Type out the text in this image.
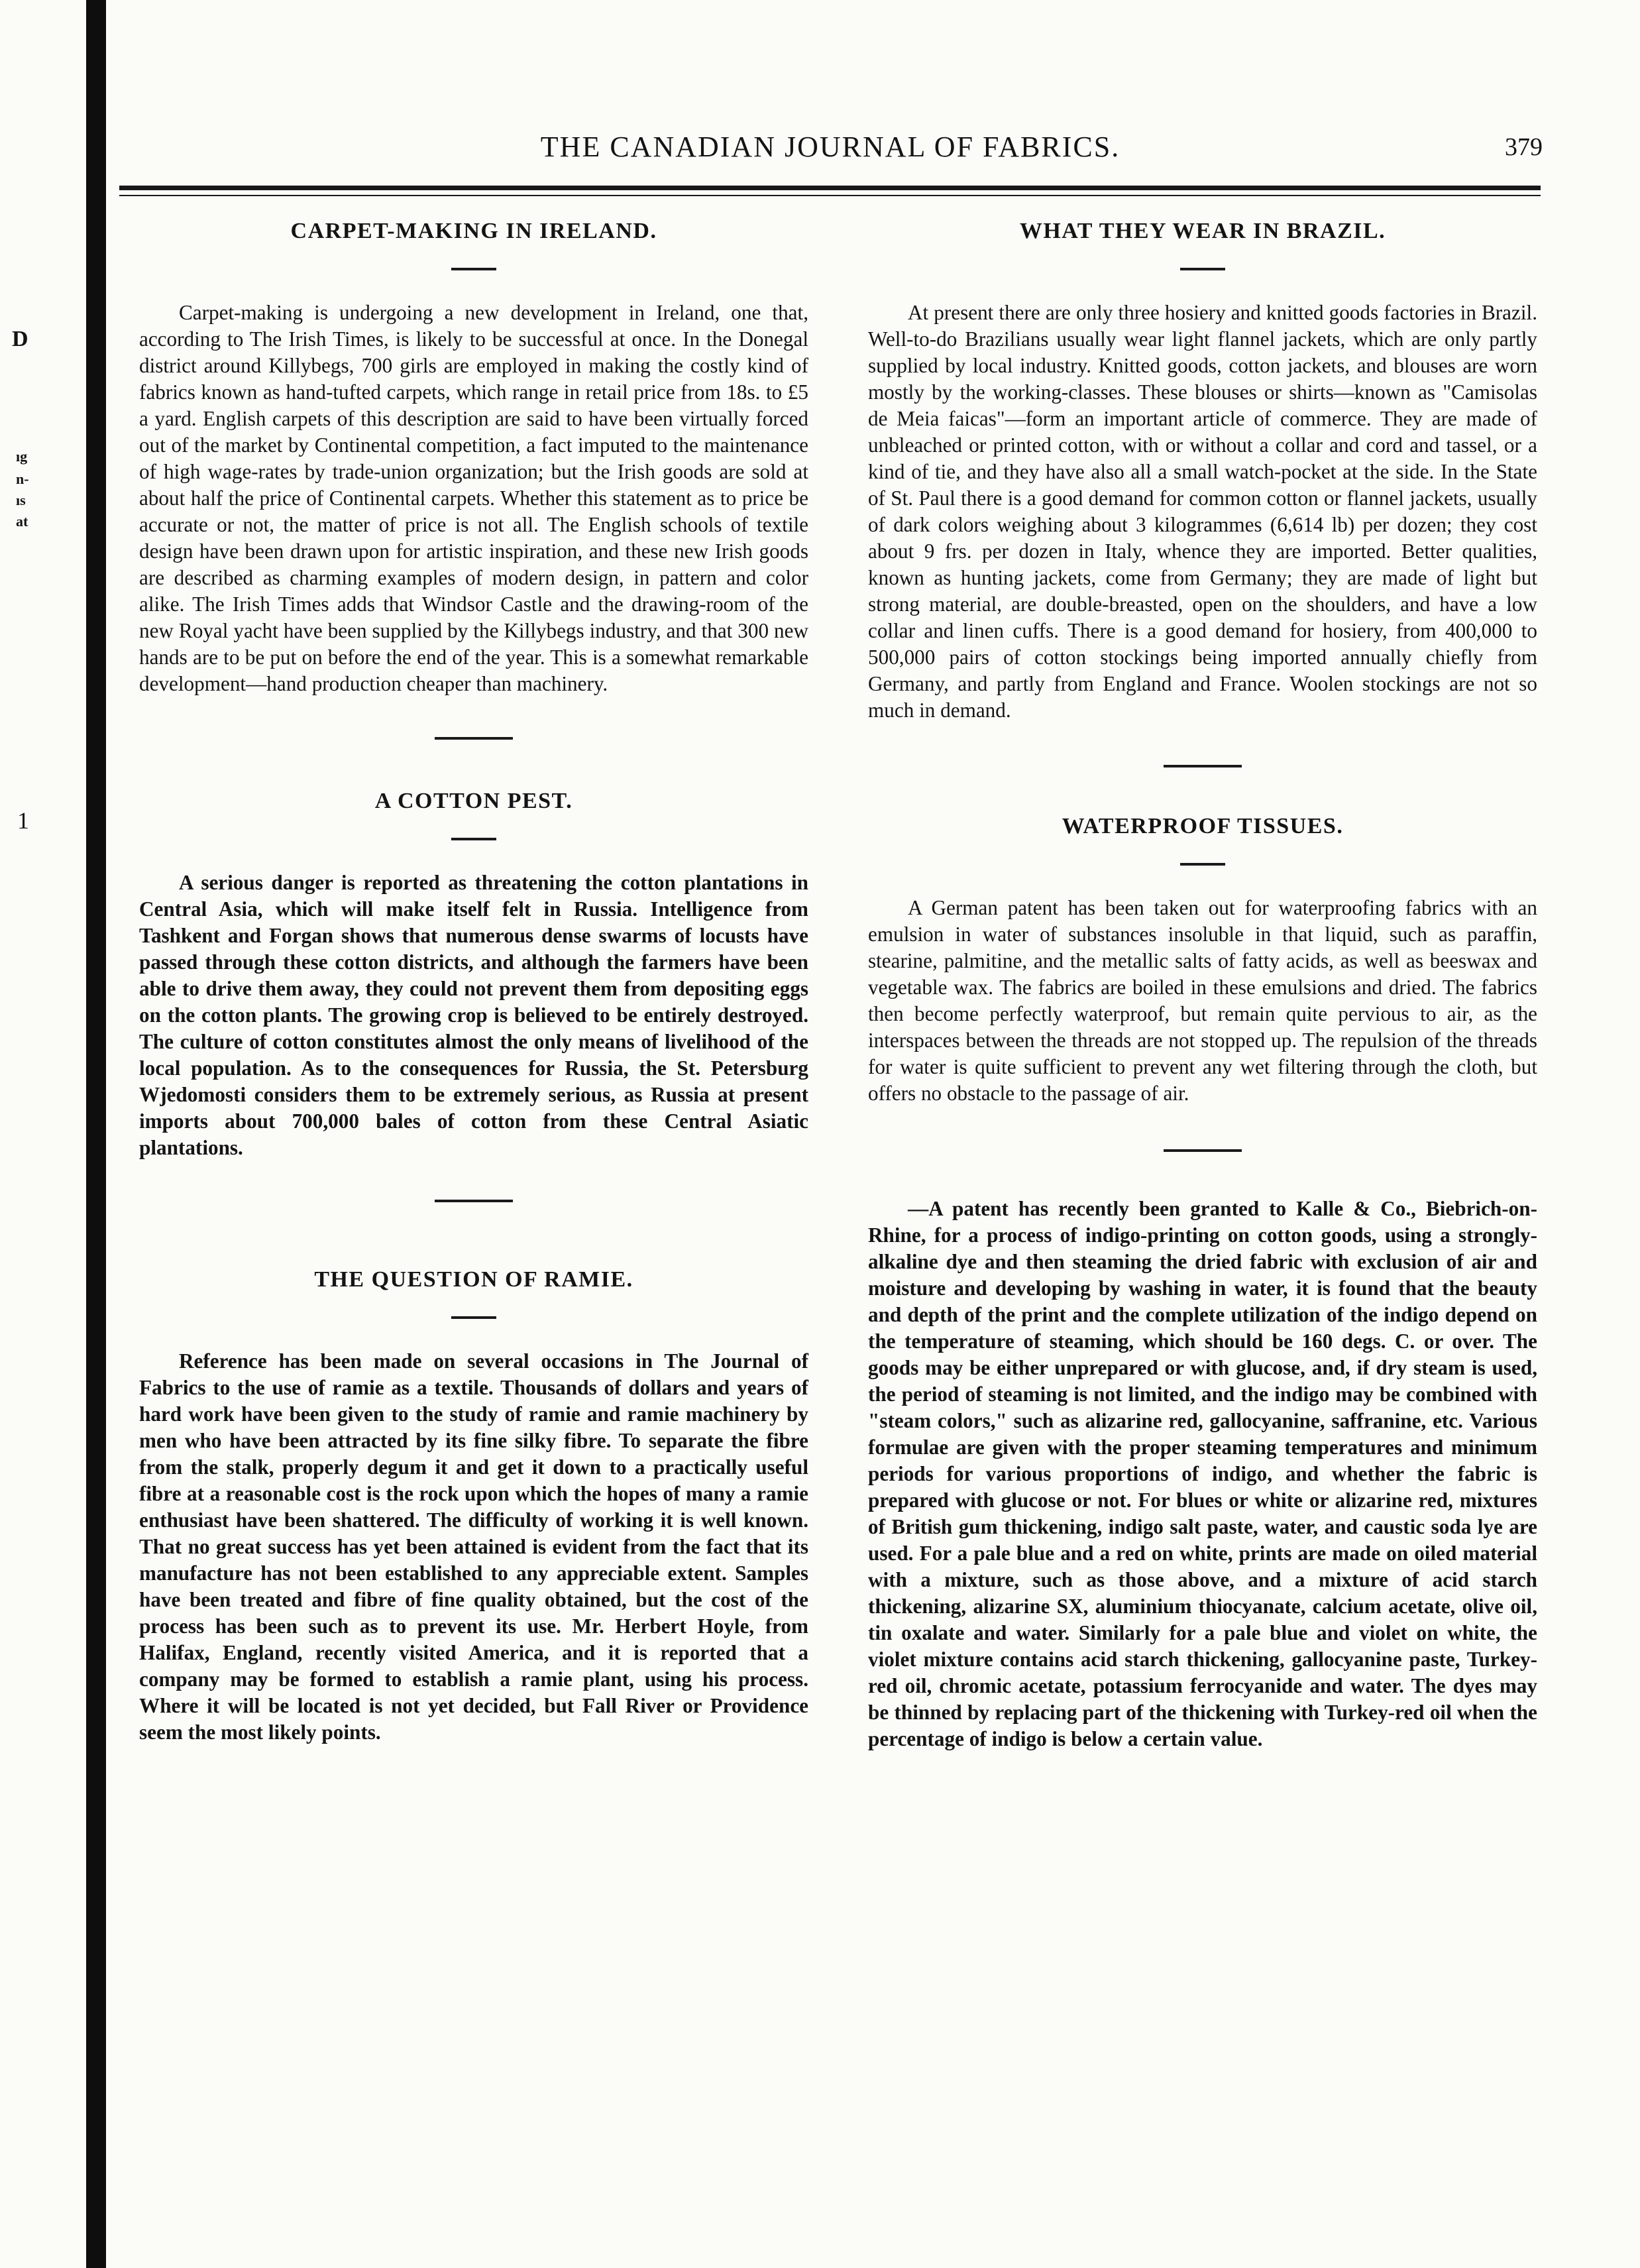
D
ıg
n-
ıs
at
1
THE CANADIAN JOURNAL OF FABRICS.	379
CARPET-MAKING IN IRELAND.

Carpet-making is undergoing a new development in Ireland, one that, according to The Irish Times, is likely to be successful at once. In the Donegal district around Killybegs, 700 girls are employed in making the costly kind of fabrics known as hand-tufted carpets, which range in retail price from 18s. to £5 a yard. English carpets of this description are said to have been virtually forced out of the market by Continental competition, a fact imputed to the maintenance of high wage-rates by trade-union organization; but the Irish goods are sold at about half the price of Continental carpets. Whether this statement as to price be accurate or not, the matter of price is not all. The English schools of textile design have been drawn upon for artistic inspiration, and these new Irish goods are described as charming examples of modern design, in pattern and color alike. The Irish Times adds that Windsor Castle and the drawing-room of the new Royal yacht have been supplied by the Killybegs industry, and that 300 new hands are to be put on before the end of the year. This is a somewhat remarkable development—hand production cheaper than machinery.

A COTTON PEST.

A serious danger is reported as threatening the cotton plantations in Central Asia, which will make itself felt in Russia. Intelligence from Tashkent and Forgan shows that numerous dense swarms of locusts have passed through these cotton districts, and although the farmers have been able to drive them away, they could not prevent them from depositing eggs on the cotton plants. The growing crop is believed to be entirely destroyed. The culture of cotton constitutes almost the only means of livelihood of the local population. As to the consequences for Russia, the St. Petersburg Wjedomosti considers them to be extremely serious, as Russia at present imports about 700,000 bales of cotton from these Central Asiatic plantations.

THE QUESTION OF RAMIE.

Reference has been made on several occasions in The Journal of Fabrics to the use of ramie as a textile. Thousands of dollars and years of hard work have been given to the study of ramie and ramie machinery by men who have been attracted by its fine silky fibre. To separate the fibre from the stalk, properly degum it and get it down to a practically useful fibre at a reasonable cost is the rock upon which the hopes of many a ramie enthusiast have been shattered. The difficulty of working it is well known. That no great success has yet been attained is evident from the fact that its manufacture has not been established to any appreciable extent. Samples have been treated and fibre of fine quality obtained, but the cost of the process has been such as to prevent its use. Mr. Herbert Hoyle, from Halifax, England, recently visited America, and it is reported that a company may be formed to establish a ramie plant, using his process. Where it will be located is not yet decided, but Fall River or Providence seem the most likely points.

WHAT THEY WEAR IN BRAZIL.

At present there are only three hosiery and knitted goods factories in Brazil. Well-to-do Brazilians usually wear light flannel jackets, which are only partly supplied by local industry. Knitted goods, cotton jackets, and blouses are worn mostly by the working-classes. These blouses or shirts—known as "Camisolas de Meia faicas"—form an important article of commerce. They are made of unbleached or printed cotton, with or without a collar and cord and tassel, or a kind of tie, and they have also all a small watch-pocket at the side. In the State of St. Paul there is a good demand for common cotton or flannel jackets, usually of dark colors weighing about 3 kilogrammes (6,614 lb) per dozen; they cost about 9 frs. per dozen in Italy, whence they are imported. Better qualities, known as hunting jackets, come from Germany; they are made of light but strong material, are double-breasted, open on the shoulders, and have a low collar and linen cuffs. There is a good demand for hosiery, from 400,000 to 500,000 pairs of cotton stockings being imported annually chiefly from Germany, and partly from England and France. Woolen stockings are not so much in demand.

WATERPROOF TISSUES.

A German patent has been taken out for waterproofing fabrics with an emulsion in water of substances insoluble in that liquid, such as paraffin, stearine, palmitine, and the metallic salts of fatty acids, as well as beeswax and vegetable wax. The fabrics are boiled in these emulsions and dried. The fabrics then become perfectly waterproof, but remain quite pervious to air, as the interspaces between the threads are not stopped up. The repulsion of the threads for water is quite sufficient to prevent any wet filtering through the cloth, but offers no obstacle to the passage of air.

—A patent has recently been granted to Kalle & Co., Biebrich-on-Rhine, for a process of indigo-printing on cotton goods, using a strongly-alkaline dye and then steaming the dried fabric with exclusion of air and moisture and developing by washing in water, it is found that the beauty and depth of the print and the complete utilization of the indigo depend on the temperature of steaming, which should be 160 degs. C. or over. The goods may be either unprepared or with glucose, and, if dry steam is used, the period of steaming is not limited, and the indigo may be combined with "steam colors," such as alizarine red, gallocyanine, saffranine, etc. Various formulae are given with the proper steaming temperatures and minimum periods for various proportions of indigo, and whether the fabric is prepared with glucose or not. For blues or white or alizarine red, mixtures of British gum thickening, indigo salt paste, water, and caustic soda lye are used. For a pale blue and a red on white, prints are made on oiled material with a mixture, such as those above, and a mixture of acid starch thickening, alizarine SX, aluminium thiocyanate, calcium acetate, olive oil, tin oxalate and water. Similarly for a pale blue and violet on white, the violet mixture contains acid starch thickening, gallocyanine paste, Turkey-red oil, chromic acetate, potassium ferrocyanide and water. The dyes may be thinned by replacing part of the thickening with Turkey-red oil when the percentage of indigo is below a certain value.
